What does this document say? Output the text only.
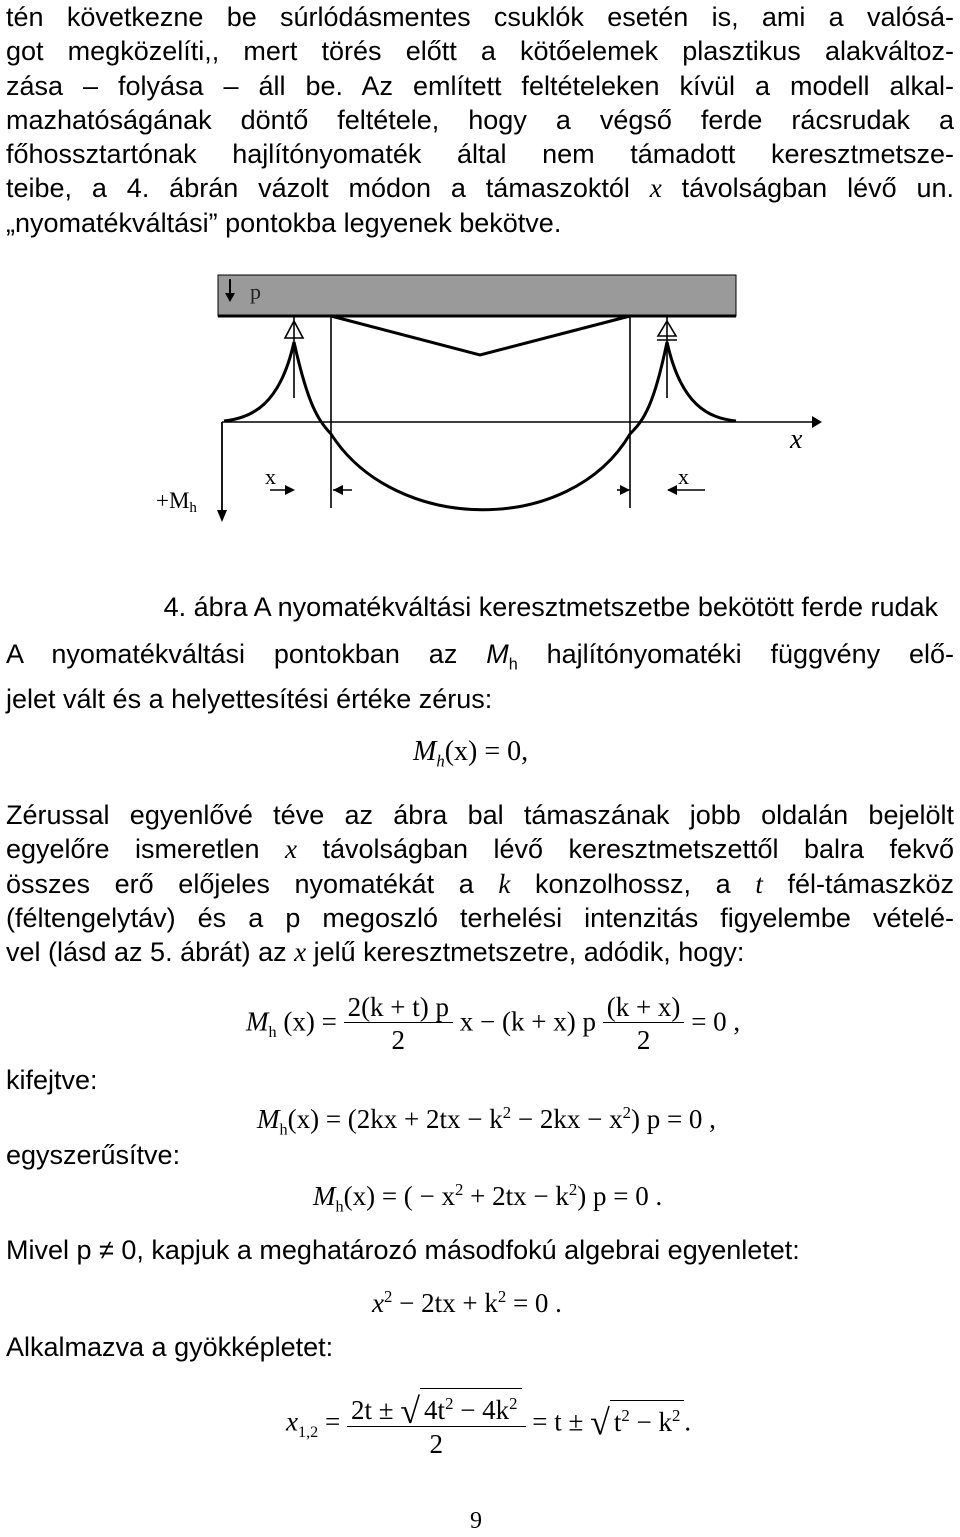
tén következne be súrlódásmentes csuklók esetén is, ami a valósá-
got megközelíti,, mert törés előtt a kötőelemek plasztikus alakváltoz-
zása – folyása – áll be. Az említett feltételeken kívül a modell alkal-
mazhatóságának döntő feltétele, hogy a végső ferde rácsrudak a
főhossztartónak hajlítónyomaték által nem támadott keresztmetsze-
teibe, a 4. ábrán vázolt módon a támaszoktól x távolságban lévő un.
„nyomatékváltási” pontokba legyenek bekötve.
p
x	x
x
+Mh
4. ábra A nyomatékváltási keresztmetszetbe bekötött ferde rudak
A nyomatékváltási pontokban az $M_h$ hajlítónyomatéki függvény elő-
jelet vált és a helyettesítési értéke zérus:
$M_h(x) = 0$,
Zérussal egyenlővé téve az ábra bal támaszának jobb oldalán bejelölt
egyelőre ismeretlen x távolságban lévő keresztmetszettől balra fekvő
összes erő előjeles nyomatékát a k konzolhossz, a t fél-támaszköz
(féltengelytáv) és a p megoszló terhelési intenzitás figyelembe vételé-
vel (lásd az 5. ábrát) az x jelű keresztmetszetre, adódik, hogy:
$M_h$ $(x) = \frac{2(k + t) p}{2}$ x − (k + x) p $\frac{(k + x)}{2} = 0$ ,
kifejtve:
$M_h(x) = (2kx + 2tx - k^2 - 2kx - x^2) p = 0$ ,
egyszerűsítve:
$M_h(x)$ = ( − $x^2 + 2tx - k^2$) p = 0 .
Mivel p ≠ 0, kapjuk a meghatározó másodfokú algebrai egyenletet:
$x^2 - 2tx + k^2 = 0$ .
Alkalmazva a gyökképletet:
$x_{1,2} = \frac{2t \pm √ 4t^2 - 4k^2}{2} = t$ ± √ $t^2 - k^2$ .
9
